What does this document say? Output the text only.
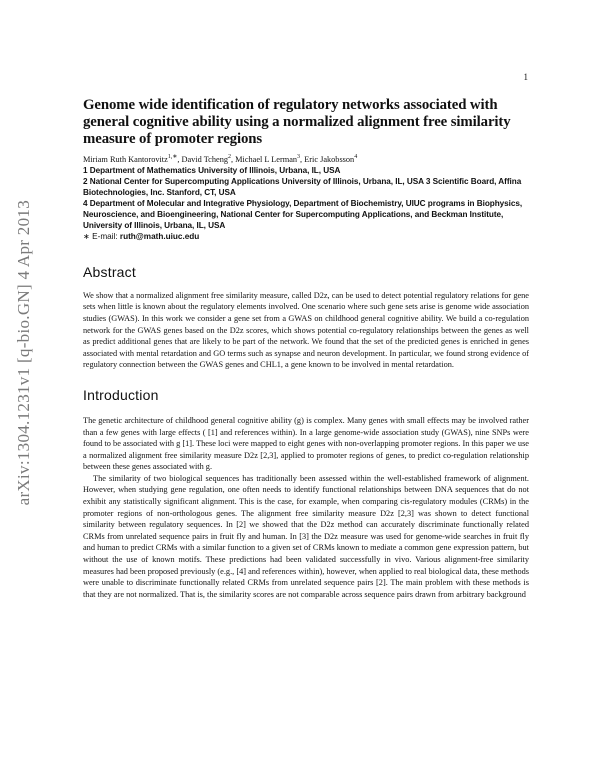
1
arXiv:1304.1231v1 [q-bio.GN] 4 Apr 2013
Genome wide identification of regulatory networks associated with general cognitive ability using a normalized alignment free similarity measure of promoter regions
Miriam Ruth Kantorovitz$^{1,∗}$, David Tcheng$^2$, Michael L Lerman$^3$, Eric Jakobsson$^4$
1 Department of Mathematics University of Illinois, Urbana, IL, USA
2 National Center for Supercomputing Applications University of Illinois, Urbana, IL, USA 3 Scientific Board, Affina Biotechnologies, Inc. Stanford, CT, USA
4 Department of Molecular and Integrative Physiology, Department of Biochemistry, UIUC programs in Biophysics, Neuroscience, and Bioengineering, National Center for Supercomputing Applications, and Beckman Institute, University of Illinois, Urbana, IL, USA
∗ E-mail: ruth@math.uiuc.edu
Abstract

We show that a normalized alignment free similarity measure, called D2z, can be used to detect potential regulatory relations for gene sets when little is known about the regulatory elements involved. One scenario where such gene sets arise is genome wide association studies (GWAS). In this work we consider a gene set from a GWAS on childhood general cognitive ability. We build a co-regulation network for the GWAS genes based on the D2z scores, which shows potential co-regulatory relationships between the genes as well as predict additional genes that are likely to be part of the network. We found that the set of the predicted genes is enriched in genes associated with mental retardation and GO terms such as synapse and neuron development. In particular, we found strong evidence of regulatory connection between the GWAS genes and CHL1, a gene known to be involved in mental retardation.

Introduction

The genetic architecture of childhood general cognitive ability (g) is complex. Many genes with small effects may be involved rather than a few genes with large effects ( [1] and references within). In a large genome-wide association study (GWAS), nine SNPs were found to be associated with g [1]. These loci were mapped to eight genes with non-overlapping promoter regions. In this paper we use a normalized alignment free similarity measure D2z [2,3], applied to promoter regions of genes, to predict co-regulation relationship between these genes associated with g.

The similarity of two biological sequences has traditionally been assessed within the well-established framework of alignment. However, when studying gene regulation, one often needs to identify functional relationships between DNA sequences that do not exhibit any statistically significant alignment. This is the case, for example, when comparing cis-regulatory modules (CRMs) in the promoter regions of non-orthologous genes. The alignment free similarity measure D2z [2,3] was shown to detect functional similarity between regulatory sequences. In [2] we showed that the D2z method can accurately discriminate functionally related CRMs from unrelated sequence pairs in fruit fly and human. In [3] the D2z measure was used for genome-wide searches in fruit fly and human to predict CRMs with a similar function to a given set of CRMs known to mediate a common gene expression pattern, but without the use of known motifs. These predictions had been validated successfully in vivo. Various alignment-free similarity measures had been proposed previously (e.g., [4] and references within), however, when applied to real biological data, these methods were unable to discriminate functionally related CRMs from unrelated sequence pairs [2]. The main problem with these methods is that they are not normalized. That is, the similarity scores are not comparable across sequence pairs drawn from arbitrary background
